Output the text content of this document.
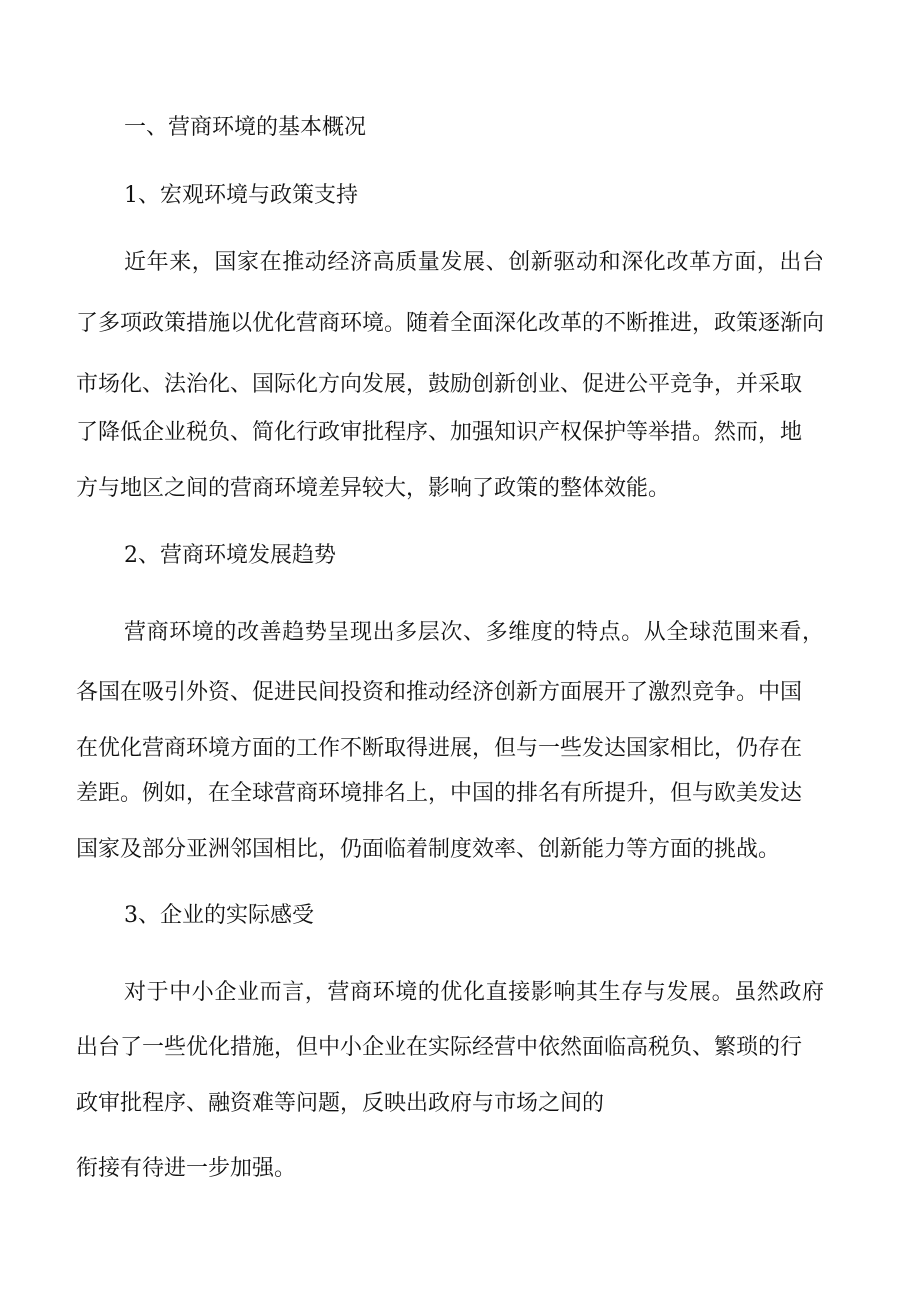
一、营商环境的基本概况
1、宏观环境与政策支持
近年来，国家在推动经济高质量发展、创新驱动和深化改革方面，出台
了多项政策措施以优化营商环境。随着全面深化改革的不断推进，政策逐渐向
市场化、法治化、国际化方向发展，鼓励创新创业、促进公平竞争，并采取
了降低企业税负、简化行政审批程序、加强知识产权保护等举措。然而，地
方与地区之间的营商环境差异较大，影响了政策的整体效能。
2、营商环境发展趋势
营商环境的改善趋势呈现出多层次、多维度的特点。从全球范围来看，
各国在吸引外资、促进民间投资和推动经济创新方面展开了激烈竞争。中国
在优化营商环境方面的工作不断取得进展，但与一些发达国家相比，仍存在
差距。例如，在全球营商环境排名上，中国的排名有所提升，但与欧美发达
国家及部分亚洲邻国相比，仍面临着制度效率、创新能力等方面的挑战。
3、企业的实际感受
对于中小企业而言，营商环境的优化直接影响其生存与发展。虽然政府
出台了一些优化措施，但中小企业在实际经营中依然面临高税负、繁琐的行
政审批程序、融资难等问题，反映出政府与市场之间的
衔接有待进一步加强。
